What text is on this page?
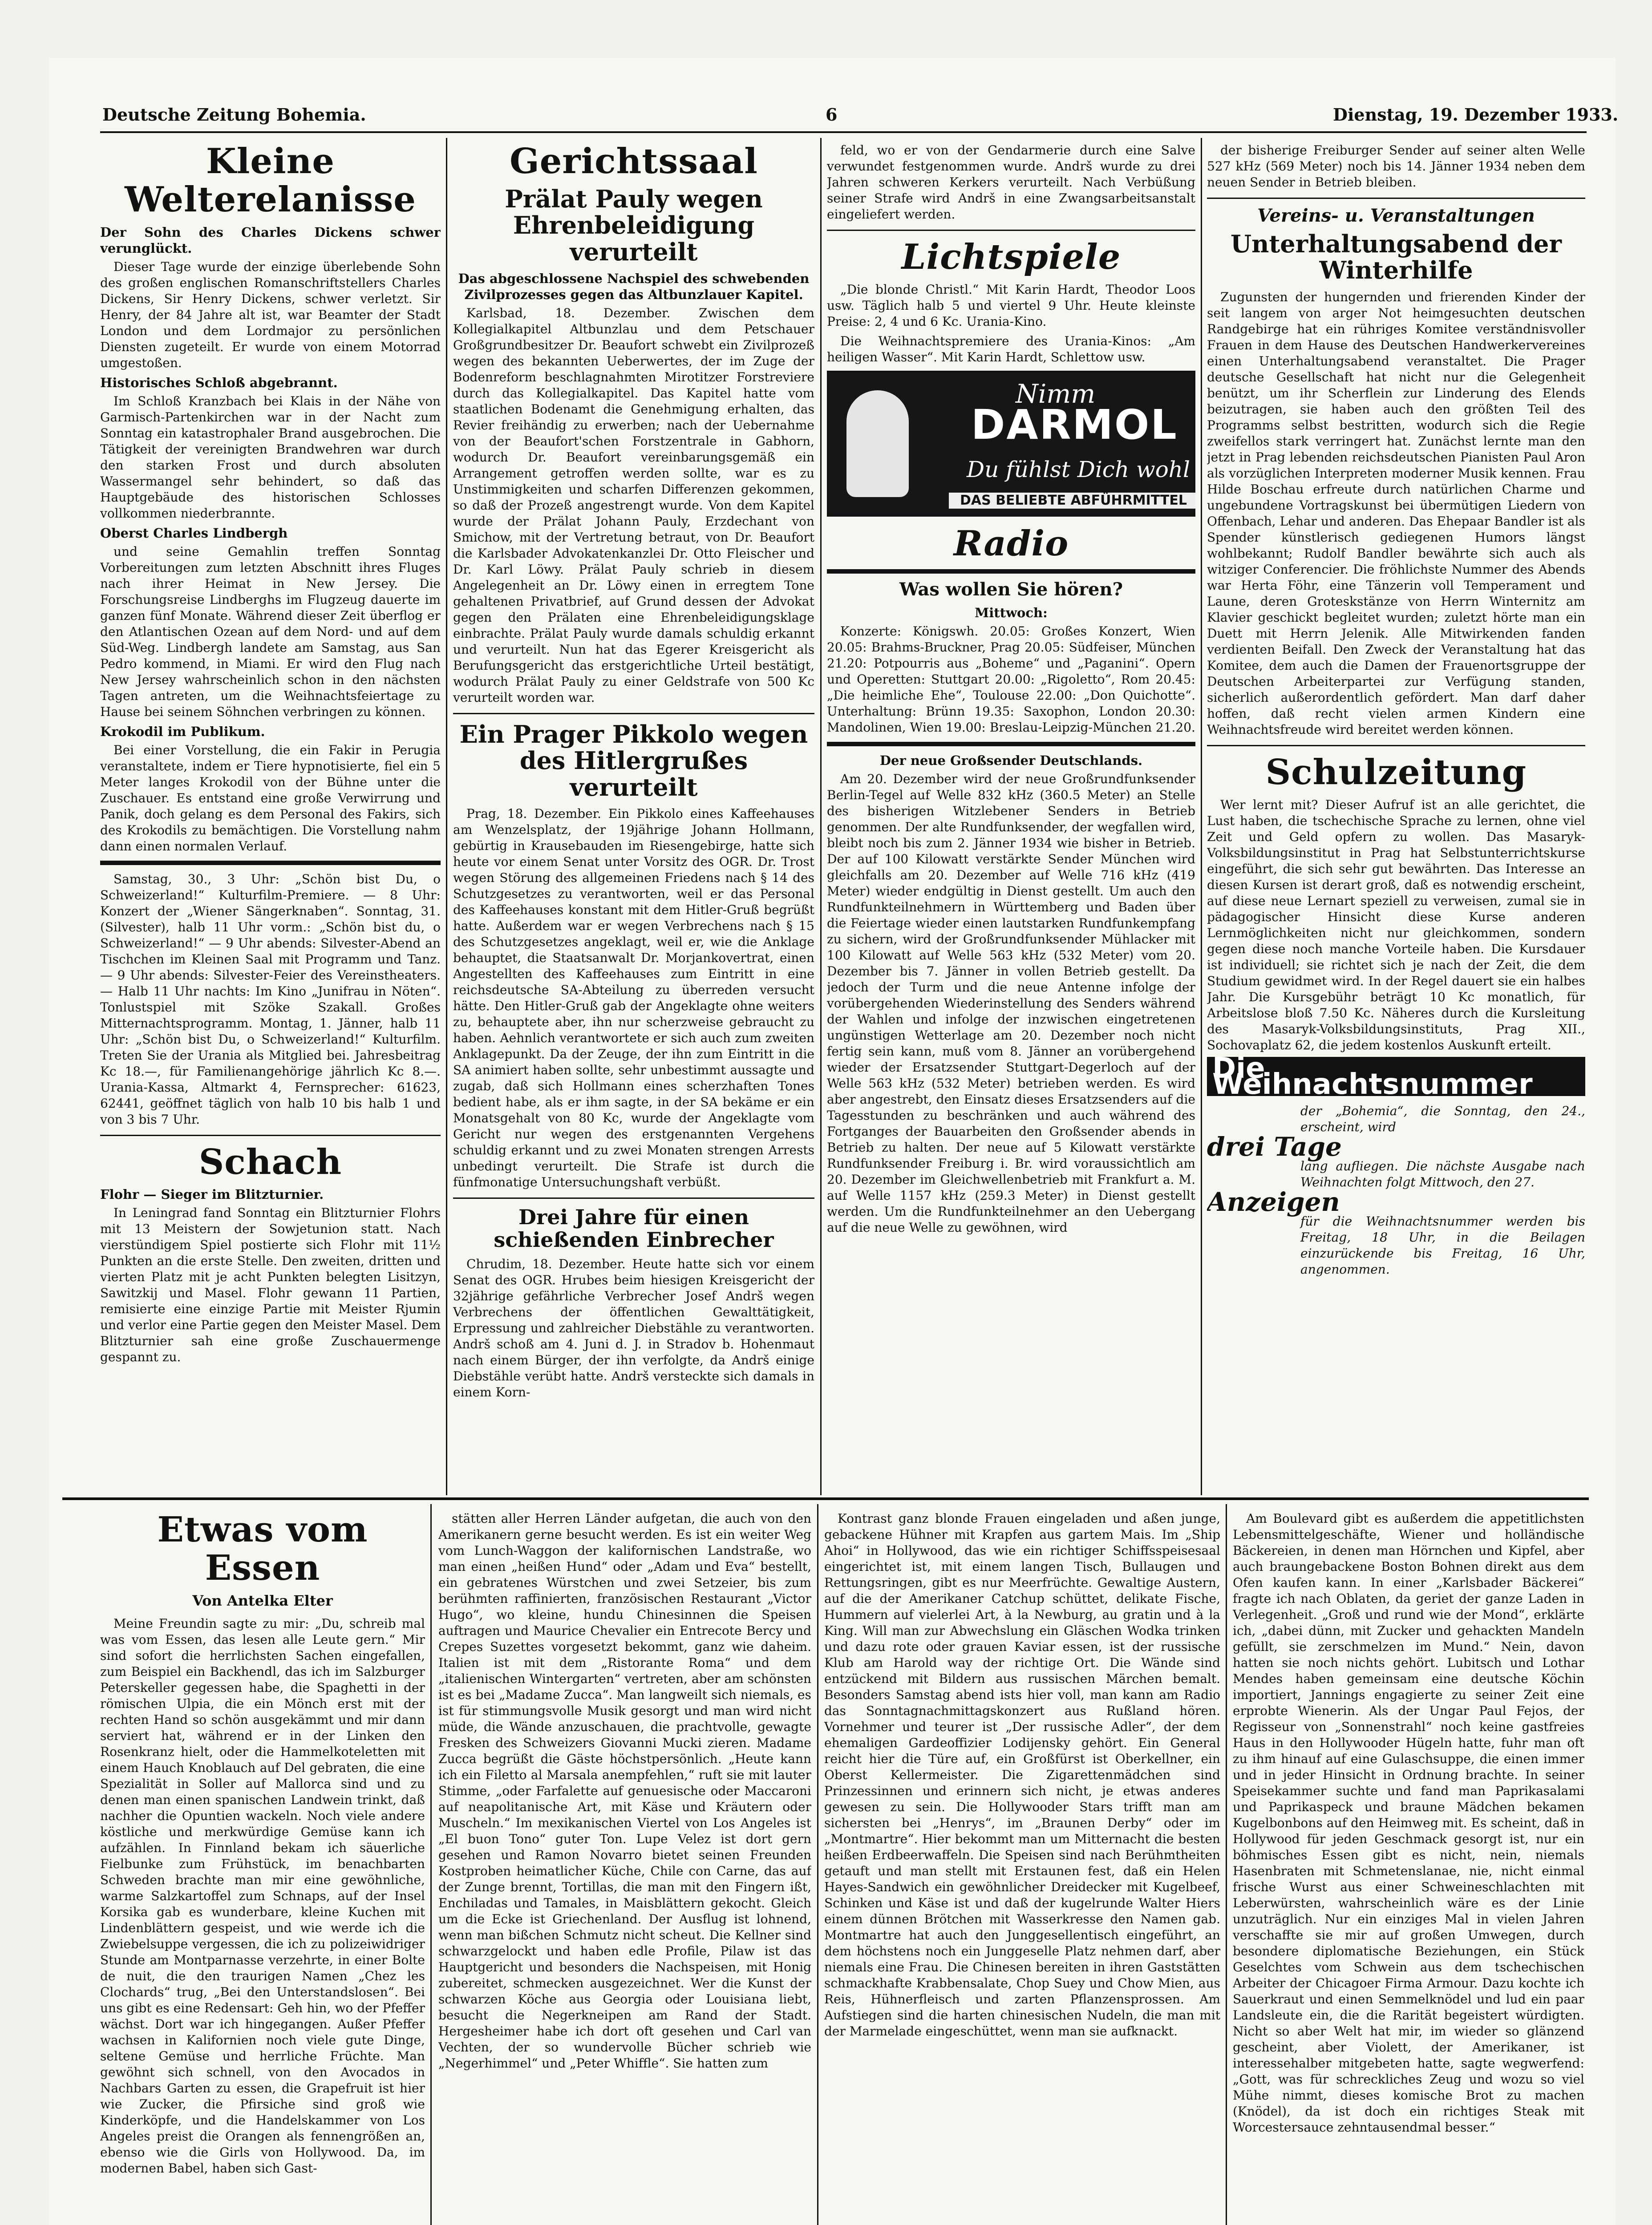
Deutsche Zeitung Bohemia.	6	Dienstag, 19. Dezember 1933.
Kleine Welterelanisse
Der Sohn des Charles Dickens schwer verunglückt.

Dieser Tage wurde der einzige überlebende Sohn des großen englischen Romanschriftstellers Charles Dickens, Sir Henry Dickens, schwer verletzt. Sir Henry, der 84 Jahre alt ist, war Beamter der Stadt London und dem Lordmajor zu persönlichen Diensten zugeteilt. Er wurde von einem Motorrad umgestoßen.

Historisches Schloß abgebrannt.

Im Schloß Kranzbach bei Klais in der Nähe von Garmisch-Partenkirchen war in der Nacht zum Sonntag ein katastrophaler Brand ausgebrochen. Die Tätigkeit der vereinigten Brandwehren war durch den starken Frost und durch absoluten Wassermangel sehr behindert, so daß das Hauptgebäude des historischen Schlosses vollkommen niederbrannte.

Oberst Charles Lindbergh

und seine Gemahlin treffen Sonntag Vorbereitungen zum letzten Abschnitt ihres Fluges nach ihrer Heimat in New Jersey. Die Forschungsreise Lindberghs im Flugzeug dauerte im ganzen fünf Monate. Während dieser Zeit überflog er den Atlantischen Ozean auf dem Nord- und auf dem Süd-Weg. Lindbergh landete am Samstag, aus San Pedro kommend, in Miami. Er wird den Flug nach New Jersey wahrscheinlich schon in den nächsten Tagen antreten, um die Weihnachtsfeiertage zu Hause bei seinem Söhnchen verbringen zu können.

Krokodil im Publikum.

Bei einer Vorstellung, die ein Fakir in Perugia veranstaltete, indem er Tiere hypnotisierte, fiel ein 5 Meter langes Krokodil von der Bühne unter die Zuschauer. Es entstand eine große Verwirrung und Panik, doch gelang es dem Personal des Fakirs, sich des Krokodils zu bemächtigen. Die Vorstellung nahm dann einen normalen Verlauf.

Samstag, 30., 3 Uhr: „Schön bist Du, o Schweizerland!“ Kulturfilm-Premiere. — 8 Uhr: Konzert der „Wiener Sängerknaben“. Sonntag, 31. (Silvester), halb 11 Uhr vorm.: „Schön bist du, o Schweizerland!“ — 9 Uhr abends: Silvester-Abend an Tischchen im Kleinen Saal mit Programm und Tanz. — 9 Uhr abends: Silvester-Feier des Vereinstheaters. — Halb 11 Uhr nachts: Im Kino „Junifrau in Nöten“. Tonlustspiel mit Szöke Szakall. Großes Mitternachtsprogramm. Montag, 1. Jänner, halb 11 Uhr: „Schön bist Du, o Schweizerland!“ Kulturfilm. Treten Sie der Urania als Mitglied bei. Jahresbeitrag Kc 18.—, für Familienangehörige jährlich Kc 8.—. Urania-Kassa, Altmarkt 4, Fernsprecher: 61623, 62441, geöffnet täglich von halb 10 bis halb 1 und von 3 bis 7 Uhr.

Schach
Flohr — Sieger im Blitzturnier.

In Leningrad fand Sonntag ein Blitzturnier Flohrs mit 13 Meistern der Sowjetunion statt. Nach vierstündigem Spiel postierte sich Flohr mit 11½ Punkten an die erste Stelle. Den zweiten, dritten und vierten Platz mit je acht Punkten belegten Lisitzyn, Sawitzkij und Masel. Flohr gewann 11 Partien, remisierte eine einzige Partie mit Meister Rjumin und verlor eine Partie gegen den Meister Masel. Dem Blitzturnier sah eine große Zuschauermenge gespannt zu.

Gerichtssaal
Prälat Pauly wegen Ehrenbeleidigung verurteilt
Das abgeschlossene Nachspiel des schwebenden Zivilprozesses gegen das Altbunzlauer Kapitel.

Karlsbad, 18. Dezember. Zwischen dem Kollegialkapitel Altbunzlau und dem Petschauer Großgrundbesitzer Dr. Beaufort schwebt ein Zivilprozeß wegen des bekannten Ueberwertes, der im Zuge der Bodenreform beschlagnahmten Mirotitzer Forstreviere durch das Kollegialkapitel. Das Kapitel hatte vom staatlichen Bodenamt die Genehmigung erhalten, das Revier freihändig zu erwerben; nach der Uebernahme von der Beaufort'schen Forstzentrale in Gabhorn, wodurch Dr. Beaufort vereinbarungsgemäß ein Arrangement getroffen werden sollte, war es zu Unstimmigkeiten und scharfen Differenzen gekommen, so daß der Prozeß angestrengt wurde. Von dem Kapitel wurde der Prälat Johann Pauly, Erzdechant von Smichow, mit der Vertretung betraut, von Dr. Beaufort die Karlsbader Advokatenkanzlei Dr. Otto Fleischer und Dr. Karl Löwy. Prälat Pauly schrieb in diesem Angelegenheit an Dr. Löwy einen in erregtem Tone gehaltenen Privatbrief, auf Grund dessen der Advokat gegen den Prälaten eine Ehrenbeleidigungsklage einbrachte. Prälat Pauly wurde damals schuldig erkannt und verurteilt. Nun hat das Egerer Kreisgericht als Berufungsgericht das erstgerichtliche Urteil bestätigt, wodurch Prälat Pauly zu einer Geldstrafe von 500 Kc verurteilt worden war.

Ein Prager Pikkolo wegen des Hitlergrußes verurteilt

Prag, 18. Dezember. Ein Pikkolo eines Kaffeehauses am Wenzelsplatz, der 19jährige Johann Hollmann, gebürtig in Krausebauden im Riesengebirge, hatte sich heute vor einem Senat unter Vorsitz des OGR. Dr. Trost wegen Störung des allgemeinen Friedens nach § 14 des Schutzgesetzes zu verantworten, weil er das Personal des Kaffeehauses konstant mit dem Hitler-Gruß begrüßt hatte. Außerdem war er wegen Verbrechens nach § 15 des Schutzgesetzes angeklagt, weil er, wie die Anklage behauptet, die Staatsanwalt Dr. Morjankovertrat, einen Angestellten des Kaffeehauses zum Eintritt in eine reichsdeutsche SA-Abteilung zu überreden versucht hätte. Den Hitler-Gruß gab der Angeklagte ohne weiters zu, behauptete aber, ihn nur scherzweise gebraucht zu haben. Aehnlich verantwortete er sich auch zum zweiten Anklagepunkt. Da der Zeuge, der ihn zum Eintritt in die SA animiert haben sollte, sehr unbestimmt aussagte und zugab, daß sich Hollmann eines scherzhaften Tones bedient habe, als er ihm sagte, in der SA bekäme er ein Monatsgehalt von 80 Kc, wurde der Angeklagte vom Gericht nur wegen des erstgenannten Vergehens schuldig erkannt und zu zwei Monaten strengen Arrests unbedingt verurteilt. Die Strafe ist durch die fünfmonatige Untersuchungshaft verbüßt.

Drei Jahre für einen schießenden Einbrecher

Chrudim, 18. Dezember. Heute hatte sich vor einem Senat des OGR. Hrubes beim hiesigen Kreisgericht der 32jährige gefährliche Verbrecher Josef Andrš wegen Verbrechens der öffentlichen Gewalttätigkeit, Erpressung und zahlreicher Diebstähle zu verantworten. Andrš schoß am 4. Juni d. J. in Stradov b. Hohenmaut nach einem Bürger, der ihn verfolgte, da Andrš einige Diebstähle verübt hatte. Andrš versteckte sich damals in einem Korn-

feld, wo er von der Gendarmerie durch eine Salve verwundet festgenommen wurde. Andrš wurde zu drei Jahren schweren Kerkers verurteilt. Nach Verbüßung seiner Strafe wird Andrš in eine Zwangsarbeitsanstalt eingeliefert werden.

Lichtspiele

„Die blonde Christl.“ Mit Karin Hardt, Theodor Loos usw. Täglich halb 5 und viertel 9 Uhr. Heute kleinste Preise: 2, 4 und 6 Kc. Urania-Kino.

Die Weihnachtspremiere des Urania-Kinos: „Am heiligen Wasser“. Mit Karin Hardt, Schlettow usw.

Nimm
DARMOL
Du fühlst Dich wohl
DAS BELIEBTE ABFÜHRMITTEL
Radio
Was wollen Sie hören?
Mittwoch:

Konzerte: Königswh. 20.05: Großes Konzert, Wien 20.05: Brahms-Bruckner, Prag 20.05: Südfeiser, München 21.20: Potpourris aus „Boheme“ und „Paganini“. Opern und Operetten: Stuttgart 20.00: „Rigoletto“, Rom 20.45: „Die heimliche Ehe“, Toulouse 22.00: „Don Quichotte“. Unterhaltung: Brünn 19.35: Saxophon, London 20.30: Mandolinen, Wien 19.00: Breslau-Leipzig-München 21.20.

Der neue Großsender Deutschlands.

Am 20. Dezember wird der neue Großrundfunksender Berlin-Tegel auf Welle 832 kHz (360.5 Meter) an Stelle des bisherigen Witzlebener Senders in Betrieb genommen. Der alte Rundfunksender, der wegfallen wird, bleibt noch bis zum 2. Jänner 1934 wie bisher in Betrieb. Der auf 100 Kilowatt verstärkte Sender München wird gleichfalls am 20. Dezember auf Welle 716 kHz (419 Meter) wieder endgültig in Dienst gestellt. Um auch den Rundfunkteilnehmern in Württemberg und Baden über die Feiertage wieder einen lautstarken Rundfunkempfang zu sichern, wird der Großrundfunksender Mühlacker mit 100 Kilowatt auf Welle 563 kHz (532 Meter) vom 20. Dezember bis 7. Jänner in vollen Betrieb gestellt. Da jedoch der Turm und die neue Antenne infolge der vorübergehenden Wiederinstellung des Senders während der Wahlen und infolge der inzwischen eingetretenen ungünstigen Wetterlage am 20. Dezember noch nicht fertig sein kann, muß vom 8. Jänner an vorübergehend wieder der Ersatzsender Stuttgart-Degerloch auf der Welle 563 kHz (532 Meter) betrieben werden. Es wird aber angestrebt, den Einsatz dieses Ersatzsenders auf die Tagesstunden zu beschränken und auch während des Fortganges der Bauarbeiten den Großsender abends in Betrieb zu halten. Der neue auf 5 Kilowatt verstärkte Rundfunksender Freiburg i. Br. wird voraussichtlich am 20. Dezember im Gleichwellenbetrieb mit Frankfurt a. M. auf Welle 1157 kHz (259.3 Meter) in Dienst gestellt werden. Um die Rundfunkteilnehmer an den Uebergang auf die neue Welle zu gewöhnen, wird

der bisherige Freiburger Sender auf seiner alten Welle 527 kHz (569 Meter) noch bis 14. Jänner 1934 neben dem neuen Sender in Betrieb bleiben.

Vereins- u. Veranstaltungen
Unterhaltungsabend der Winterhilfe

Zugunsten der hungernden und frierenden Kinder der seit langem von arger Not heimgesuchten deutschen Randgebirge hat ein rühriges Komitee verständnisvoller Frauen in dem Hause des Deutschen Handwerkervereines einen Unterhaltungsabend veranstaltet. Die Prager deutsche Gesellschaft hat nicht nur die Gelegenheit benützt, um ihr Scherflein zur Linderung des Elends beizutragen, sie haben auch den größten Teil des Programms selbst bestritten, wodurch sich die Regie zweifellos stark verringert hat. Zunächst lernte man den jetzt in Prag lebenden reichsdeutschen Pianisten Paul Aron als vorzüglichen Interpreten moderner Musik kennen. Frau Hilde Boschau erfreute durch natürlichen Charme und ungebundene Vortragskunst bei übermütigen Liedern von Offenbach, Lehar und anderen. Das Ehepaar Bandler ist als Spender künstlerisch gediegenen Humors längst wohlbekannt; Rudolf Bandler bewährte sich auch als witziger Conferencier. Die fröhlichste Nummer des Abends war Herta Föhr, eine Tänzerin voll Temperament und Laune, deren Groteskstänze von Herrn Winternitz am Klavier geschickt begleitet wurden; zuletzt hörte man ein Duett mit Herrn Jelenik. Alle Mitwirkenden fanden verdienten Beifall. Den Zweck der Veranstaltung hat das Komitee, dem auch die Damen der Frauenortsgruppe der Deutschen Arbeiterpartei zur Verfügung standen, sicherlich außerordentlich gefördert. Man darf daher hoffen, daß recht vielen armen Kindern eine Weihnachtsfreude wird bereitet werden können.

Schulzeitung

Wer lernt mit? Dieser Aufruf ist an alle gerichtet, die Lust haben, die tschechische Sprache zu lernen, ohne viel Zeit und Geld opfern zu wollen. Das Masaryk-Volksbildungsinstitut in Prag hat Selbstunterrichtskurse eingeführt, die sich sehr gut bewährten. Das Interesse an diesen Kursen ist derart groß, daß es notwendig erscheint, auf diese neue Lernart speziell zu verweisen, zumal sie in pädagogischer Hinsicht diese Kurse anderen Lernmöglichkeiten nicht nur gleichkommen, sondern gegen diese noch manche Vorteile haben. Die Kursdauer ist individuell; sie richtet sich je nach der Zeit, die dem Studium gewidmet wird. In der Regel dauert sie ein halbes Jahr. Die Kursgebühr beträgt 10 Kc monatlich, für Arbeitslose bloß 7.50 Kc. Näheres durch die Kursleitung des Masaryk-Volksbildungsinstituts, Prag XII., Sochovaplatz 62, die jedem kostenlos Auskunft erteilt.

Die Weihnachtsnummer
der „Bohemia“, die Sonntag, den 24., erscheint, wird
drei Tage
lang aufliegen. Die nächste Ausgabe nach Weihnachten folgt Mittwoch, den 27.
Anzeigen
für die Weihnachtsnummer werden bis Freitag, 18 Uhr, in die Beilagen einzurückende bis Freitag, 16 Uhr, angenommen.
Etwas vom Essen
Von Antelka Elter

Meine Freundin sagte zu mir: „Du, schreib mal was vom Essen, das lesen alle Leute gern.“ Mir sind sofort die herrlichsten Sachen eingefallen, zum Beispiel ein Backhendl, das ich im Salzburger Peterskeller gegessen habe, die Spaghetti in der römischen Ulpia, die ein Mönch erst mit der rechten Hand so schön ausgekämmt und mir dann serviert hat, während er in der Linken den Rosenkranz hielt, oder die Hammelkoteletten mit einem Hauch Knoblauch auf Del gebraten, die eine Spezialität in Soller auf Mallorca sind und zu denen man einen spanischen Landwein trinkt, daß nachher die Opuntien wackeln. Noch viele andere köstliche und merkwürdige Gemüse kann ich aufzählen. In Finnland bekam ich säuerliche Fielbunke zum Frühstück, im benachbarten Schweden brachte man mir eine gewöhnliche, warme Salzkartoffel zum Schnaps, auf der Insel Korsika gab es wunderbare, kleine Kuchen mit Lindenblättern gespeist, und wie werde ich die Zwiebelsuppe vergessen, die ich zu polizeiwidriger Stunde am Montparnasse verzehrte, in einer Bolte de nuit, die den traurigen Namen „Chez les Clochards“ trug, „Bei den Unterstandslosen“. Bei uns gibt es eine Redensart: Geh hin, wo der Pfeffer wächst. Dort war ich hingegangen. Außer Pfeffer wachsen in Kalifornien noch viele gute Dinge, seltene Gemüse und herrliche Früchte. Man gewöhnt sich schnell, von den Avocados in Nachbars Garten zu essen, die Grapefruit ist hier wie Zucker, die Pfirsiche sind groß wie Kinderköpfe, und die Handelskammer von Los Angeles preist die Orangen als fennengrößen an, ebenso wie die Girls von Hollywood. Da, im modernen Babel, haben sich Gast-

stätten aller Herren Länder aufgetan, die auch von den Amerikanern gerne besucht werden. Es ist ein weiter Weg vom Lunch-Waggon der kalifornischen Landstraße, wo man einen „heißen Hund“ oder „Adam und Eva“ bestellt, ein gebratenes Würstchen und zwei Setzeier, bis zum berühmten raffinierten, französischen Restaurant „Victor Hugo“, wo kleine, hundu Chinesinnen die Speisen auftragen und Maurice Chevalier ein Entrecote Bercy und Crepes Suzettes vorgesetzt bekommt, ganz wie daheim. Italien ist mit dem „Ristorante Roma“ und dem „italienischen Wintergarten“ vertreten, aber am schönsten ist es bei „Madame Zucca“. Man langweilt sich niemals, es ist für stimmungsvolle Musik gesorgt und man wird nicht müde, die Wände anzuschauen, die prachtvolle, gewagte Fresken des Schweizers Giovanni Mucki zieren. Madame Zucca begrüßt die Gäste höchstpersönlich. „Heute kann ich ein Filetto al Marsala anempfehlen,“ ruft sie mit lauter Stimme, „oder Farfalette auf genuesische oder Maccaroni auf neapolitanische Art, mit Käse und Kräutern oder Muscheln.“ Im mexikanischen Viertel von Los Angeles ist „El buon Tono“ guter Ton. Lupe Velez ist dort gern gesehen und Ramon Novarro bietet seinen Freunden Kostproben heimatlicher Küche, Chile con Carne, das auf der Zunge brennt, Tortillas, die man mit den Fingern ißt, Enchiladas und Tamales, in Maisblättern gekocht. Gleich um die Ecke ist Griechenland. Der Ausflug ist lohnend, wenn man bißchen Schmutz nicht scheut. Die Kellner sind schwarzgelockt und haben edle Profile, Pilaw ist das Hauptgericht und besonders die Nachspeisen, mit Honig zubereitet, schmecken ausgezeichnet. Wer die Kunst der schwarzen Köche aus Georgia oder Louisiana liebt, besucht die Negerkneipen am Rand der Stadt. Hergesheimer habe ich dort oft gesehen und Carl van Vechten, der so wundervolle Bücher schrieb wie „Negerhimmel“ und „Peter Whiffle“. Sie hatten zum

Kontrast ganz blonde Frauen eingeladen und aßen junge, gebackene Hühner mit Krapfen aus gartem Mais. Im „Ship Ahoi“ in Hollywood, das wie ein richtiger Schiffsspeisesaal eingerichtet ist, mit einem langen Tisch, Bullaugen und Rettungsringen, gibt es nur Meerfrüchte. Gewaltige Austern, auf die der Amerikaner Catchup schüttet, delikate Fische, Hummern auf vielerlei Art, à la Newburg, au gratin und à la King. Will man zur Abwechslung ein Gläschen Wodka trinken und dazu rote oder grauen Kaviar essen, ist der russische Klub am Harold way der richtige Ort. Die Wände sind entzückend mit Bildern aus russischen Märchen bemalt. Besonders Samstag abend ists hier voll, man kann am Radio das Sonntagnachmittagskonzert aus Rußland hören. Vornehmer und teurer ist „Der russische Adler“, der dem ehemaligen Gardeoffizier Lodijensky gehört. Ein General reicht hier die Türe auf, ein Großfürst ist Oberkellner, ein Oberst Kellermeister. Die Zigarettenmädchen sind Prinzessinnen und erinnern sich nicht, je etwas anderes gewesen zu sein. Die Hollywooder Stars trifft man am sichersten bei „Henrys“, im „Braunen Derby“ oder im „Montmartre“. Hier bekommt man um Mitternacht die besten heißen Erdbeerwaffeln. Die Speisen sind nach Berühmtheiten getauft und man stellt mit Erstaunen fest, daß ein Helen Hayes-Sandwich ein gewöhnlicher Dreidecker mit Kugelbeef, Schinken und Käse ist und daß der kugelrunde Walter Hiers einem dünnen Brötchen mit Wasserkresse den Namen gab. Montmartre hat auch den Junggesellentisch eingeführt, an dem höchstens noch ein Junggeselle Platz nehmen darf, aber niemals eine Frau. Die Chinesen bereiten in ihren Gaststätten schmackhafte Krabbensalate, Chop Suey und Chow Mien, aus Reis, Hühnerfleisch und zarten Pflanzensprossen. Am Aufstiegen sind die harten chinesischen Nudeln, die man mit der Marmelade eingeschüttet, wenn man sie aufknackt.

Am Boulevard gibt es außerdem die appetitlichsten Lebensmittelgeschäfte, Wiener und holländische Bäckereien, in denen man Hörnchen und Kipfel, aber auch braungebackene Boston Bohnen direkt aus dem Ofen kaufen kann. In einer „Karlsbader Bäckerei“ fragte ich nach Oblaten, da geriet der ganze Laden in Verlegenheit. „Groß und rund wie der Mond“, erklärte ich, „dabei dünn, mit Zucker und gehackten Mandeln gefüllt, sie zerschmelzen im Mund.“ Nein, davon hatten sie noch nichts gehört. Lubitsch und Lothar Mendes haben gemeinsam eine deutsche Köchin importiert, Jannings engagierte zu seiner Zeit eine erprobte Wienerin. Als der Ungar Paul Fejos, der Regisseur von „Sonnenstrahl“ noch keine gastfreies Haus in den Hollywooder Hügeln hatte, fuhr man oft zu ihm hinauf auf eine Gulaschsuppe, die einen immer und in jeder Hinsicht in Ordnung brachte. In seiner Speisekammer suchte und fand man Paprikasalami und Paprikaspeck und braune Mädchen bekamen Kugelbonbons auf den Heimweg mit. Es scheint, daß in Hollywood für jeden Geschmack gesorgt ist, nur ein böhmisches Essen gibt es nicht, nein, niemals Hasenbraten mit Schmetenslanae, nie, nicht einmal frische Wurst aus einer Schweineschlachten mit Leberwürsten, wahrscheinlich wäre es der Linie unzuträglich. Nur ein einziges Mal in vielen Jahren verschaffte sie mir auf großen Umwegen, durch besondere diplomatische Beziehungen, ein Stück Geselchtes vom Schwein aus dem tschechischen Arbeiter der Chicagoer Firma Armour. Dazu kochte ich Sauerkraut und einen Semmelknödel und lud ein paar Landsleute ein, die die Rarität begeistert würdigten. Nicht so aber Welt hat mir, im wieder so glänzend gescheint, aber Violett, der Amerikaner, ist interessehalber mitgebeten hatte, sagte wegwerfend: „Gott, was für schreckliches Zeug und wozu so viel Mühe nimmt, dieses komische Brot zu machen (Knödel), da ist doch ein richtiges Steak mit Worcestersauce zehntausendmal besser.“
